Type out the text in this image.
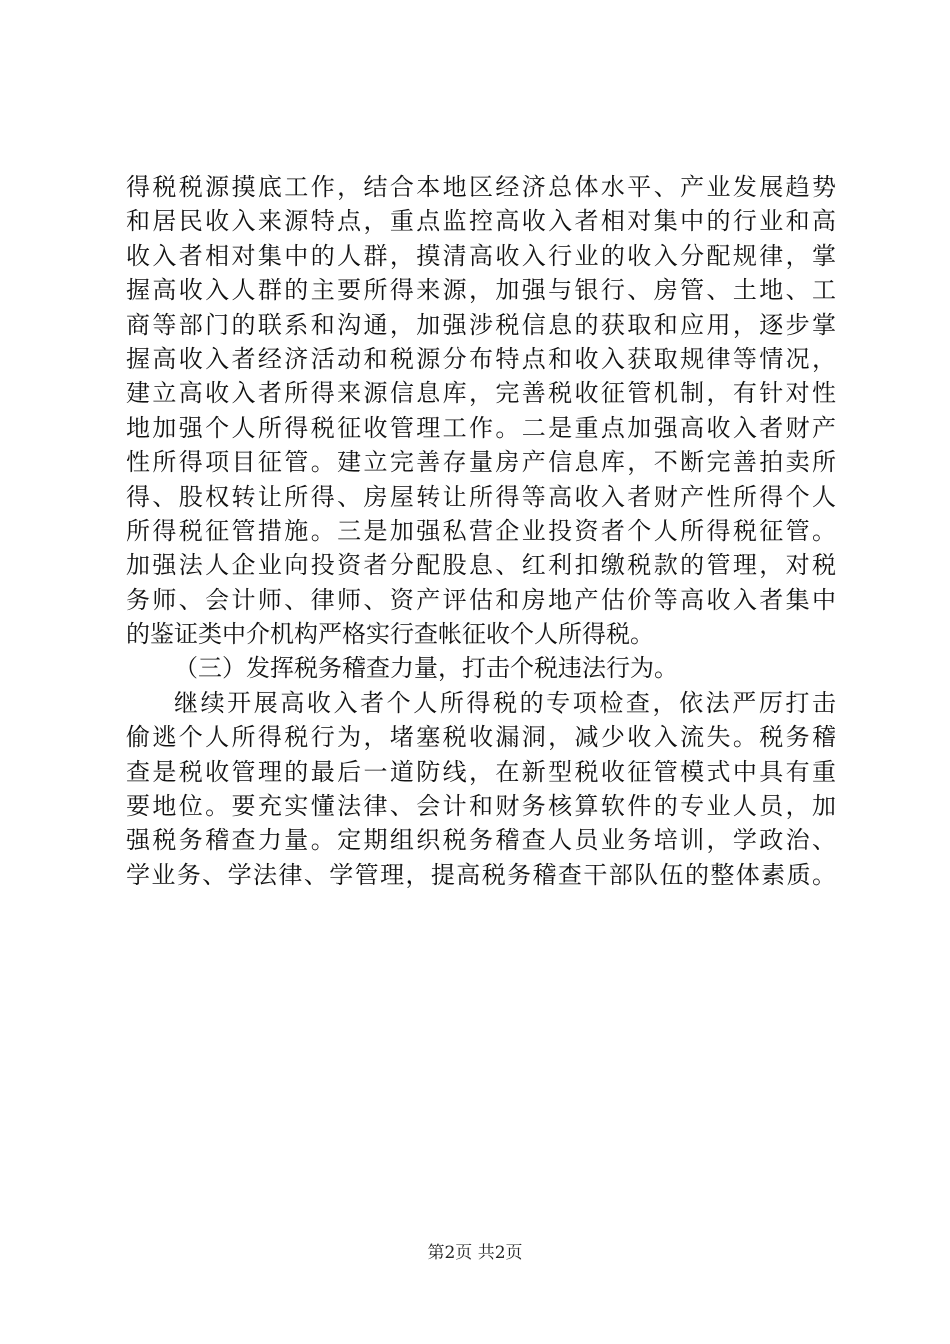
得税税源摸底工作，结合本地区经济总体水平、产业发展趋势
和居民收入来源特点，重点监控高收入者相对集中的行业和高
收入者相对集中的人群，摸清高收入行业的收入分配规律，掌
握高收入人群的主要所得来源，加强与银行、房管、土地、工
商等部门的联系和沟通，加强涉税信息的获取和应用，逐步掌
握高收入者经济活动和税源分布特点和收入获取规律等情况，
建立高收入者所得来源信息库，完善税收征管机制，有针对性
地加强个人所得税征收管理工作。二是重点加强高收入者财产
性所得项目征管。建立完善存量房产信息库，不断完善拍卖所
得、股权转让所得、房屋转让所得等高收入者财产性所得个人
所得税征管措施。三是加强私营企业投资者个人所得税征管。
加强法人企业向投资者分配股息、红利扣缴税款的管理，对税
务师、会计师、律师、资产评估和房地产估价等高收入者集中
的鉴证类中介机构严格实行查帐征收个人所得税。
（三）发挥税务稽查力量，打击个税违法行为。
继续开展高收入者个人所得税的专项检查，依法严厉打击
偷逃个人所得税行为，堵塞税收漏洞，减少收入流失。税务稽
查是税收管理的最后一道防线，在新型税收征管模式中具有重
要地位。要充实懂法律、会计和财务核算软件的专业人员，加
强税务稽查力量。定期组织税务稽查人员业务培训，学政治、
学业务、学法律、学管理，提高税务稽查干部队伍的整体素质。
第2页 共2页
